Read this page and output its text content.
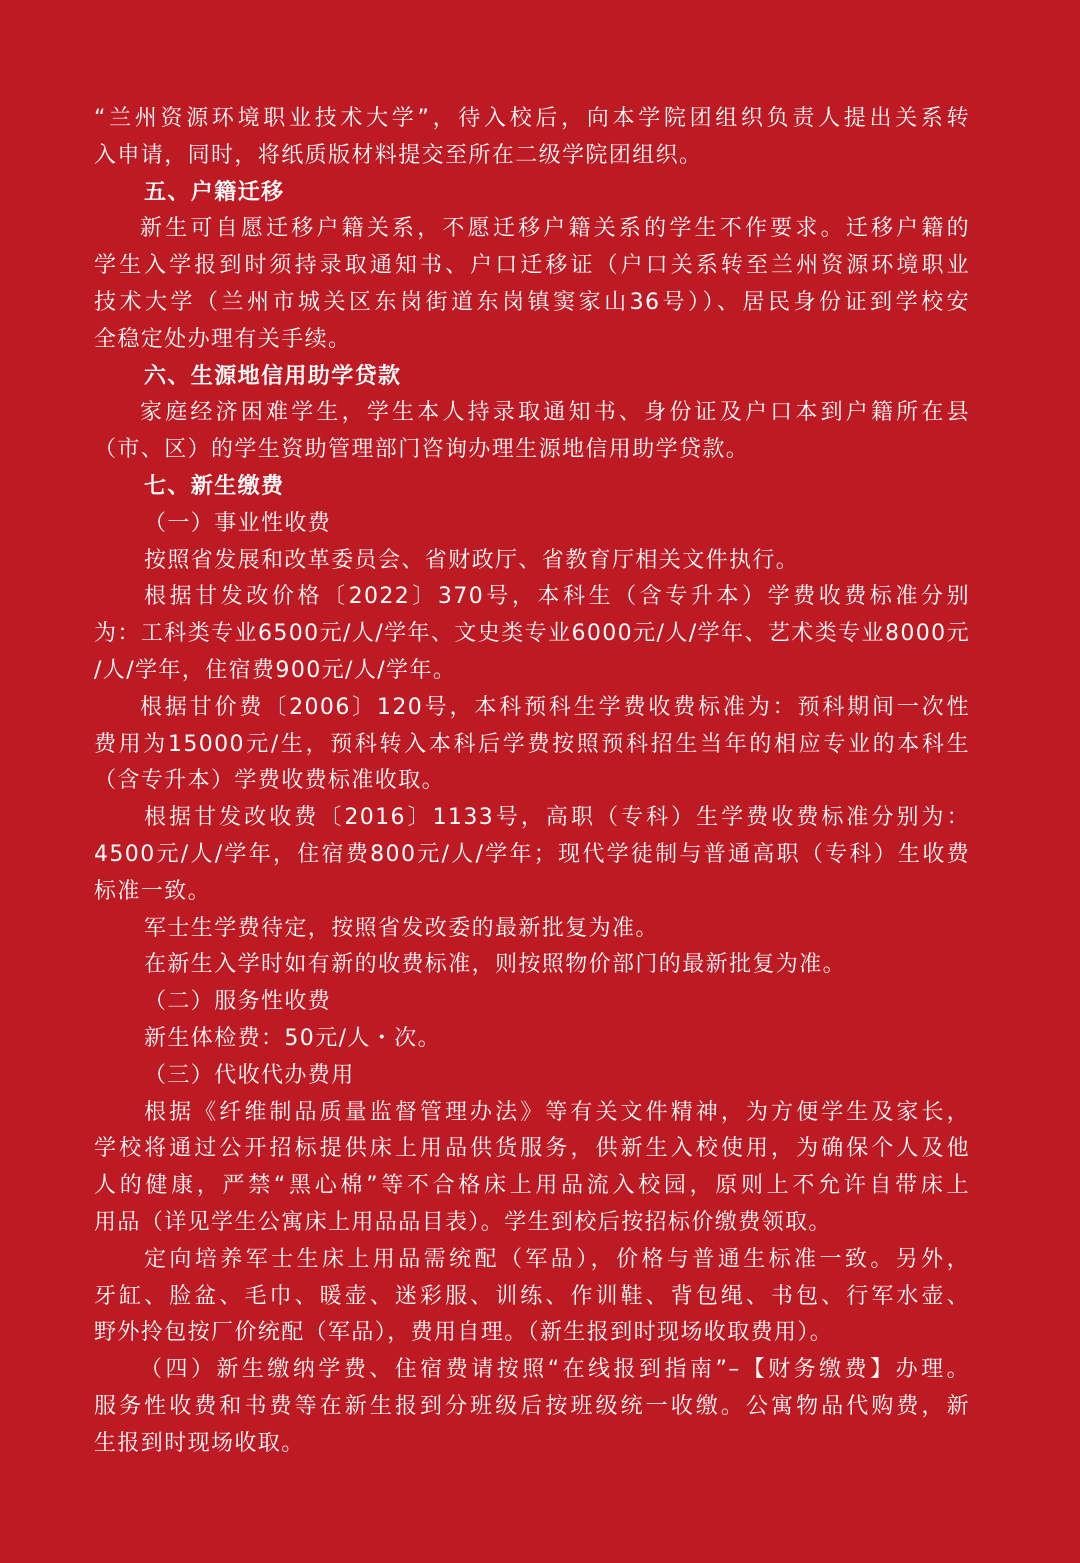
“兰州资源环境职业技术大学”，待入校后，向本学院团组织负责人提出关系转
入申请，同时，将纸质版材料提交至所在二级学院团组织。
五、户籍迁移
新生可自愿迁移户籍关系，不愿迁移户籍关系的学生不作要求。迁移户籍的
学生入学报到时须持录取通知书、户口迁移证（户口关系转至兰州资源环境职业
技术大学（兰州市城关区东岗街道东岗镇窦家山36号））、居民身份证到学校安
全稳定处办理有关手续。
六、生源地信用助学贷款
家庭经济困难学生，学生本人持录取通知书、身份证及户口本到户籍所在县
（市、区）的学生资助管理部门咨询办理生源地信用助学贷款。
七、新生缴费
（一）事业性收费
按照省发展和改革委员会、省财政厅、省教育厅相关文件执行。
根据甘发改价格〔2022〕370号，本科生（含专升本）学费收费标准分别
为：工科类专业6500元/人/学年、文史类专业6000元/人/学年、艺术类专业8000元
/人/学年，住宿费900元/人/学年。
根据甘价费〔2006〕120号，本科预科生学费收费标准为：预科期间一次性
费用为15000元/生，预科转入本科后学费按照预科招生当年的相应专业的本科生
（含专升本）学费收费标准收取。
根据甘发改收费〔2016〕1133号，高职（专科）生学费收费标准分别为：
4500元/人/学年，住宿费800元/人/学年；现代学徒制与普通高职（专科）生收费
标准一致。
军士生学费待定，按照省发改委的最新批复为准。
在新生入学时如有新的收费标准，则按照物价部门的最新批复为准。
（二）服务性收费
新生体检费：50元/人・次。
（三）代收代办费用
根据《纤维制品质量监督管理办法》等有关文件精神，为方便学生及家长，
学校将通过公开招标提供床上用品供货服务，供新生入校使用，为确保个人及他
人的健康，严禁“黑心棉”等不合格床上用品流入校园，原则上不允许自带床上
用品（详见学生公寓床上用品品目表）。学生到校后按招标价缴费领取。
定向培养军士生床上用品需统配（军品），价格与普通生标准一致。另外，
牙缸、脸盆、毛巾、暖壶、迷彩服、训练、作训鞋、背包绳、书包、行军水壶、
野外拎包按厂价统配（军品），费用自理。（新生报到时现场收取费用）。
（四）新生缴纳学费、住宿费请按照“在线报到指南”–【财务缴费】办理。
服务性收费和书费等在新生报到分班级后按班级统一收缴。公寓物品代购费，新
生报到时现场收取。
